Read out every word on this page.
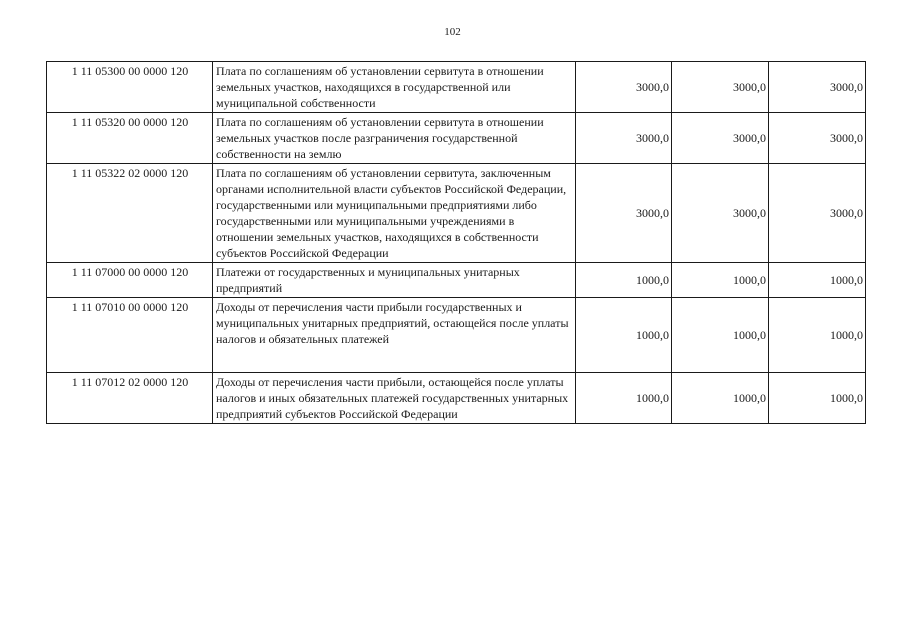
102
1 11 05300 00 0000 120	Плата по соглашениям об установлении сервитута в отношении земельных участков, находящихся в государственной или муниципальной собственности	3000,0	3000,0	3000,0
1 11 05320 00 0000 120	Плата по соглашениям об установлении сервитута в отношении земельных участков после разграничения государственной собственности на землю	3000,0	3000,0	3000,0
1 11 05322 02 0000 120	Плата по соглашениям об установлении сервитута, заключенным органами исполнительной власти субъектов Российской Федерации, государственными или муниципальными предприятиями либо государственными или муниципальными учреждениями в отношении земельных участков, находящихся в собственности субъектов Российской Федерации	3000,0	3000,0	3000,0
1 11 07000 00 0000 120	Платежи от государственных и муниципальных унитарных предприятий	1000,0	1000,0	1000,0
1 11 07010 00 0000 120	Доходы от перечисления части прибыли государственных и муниципальных унитарных предприятий, остающейся после уплаты налогов и обязательных платежей	1000,0	1000,0	1000,0
1 11 07012 02 0000 120	Доходы от перечисления части прибыли, остающейся после уплаты налогов и иных обязательных платежей государственных унитарных предприятий субъектов Российской Федерации	1000,0	1000,0	1000,0
